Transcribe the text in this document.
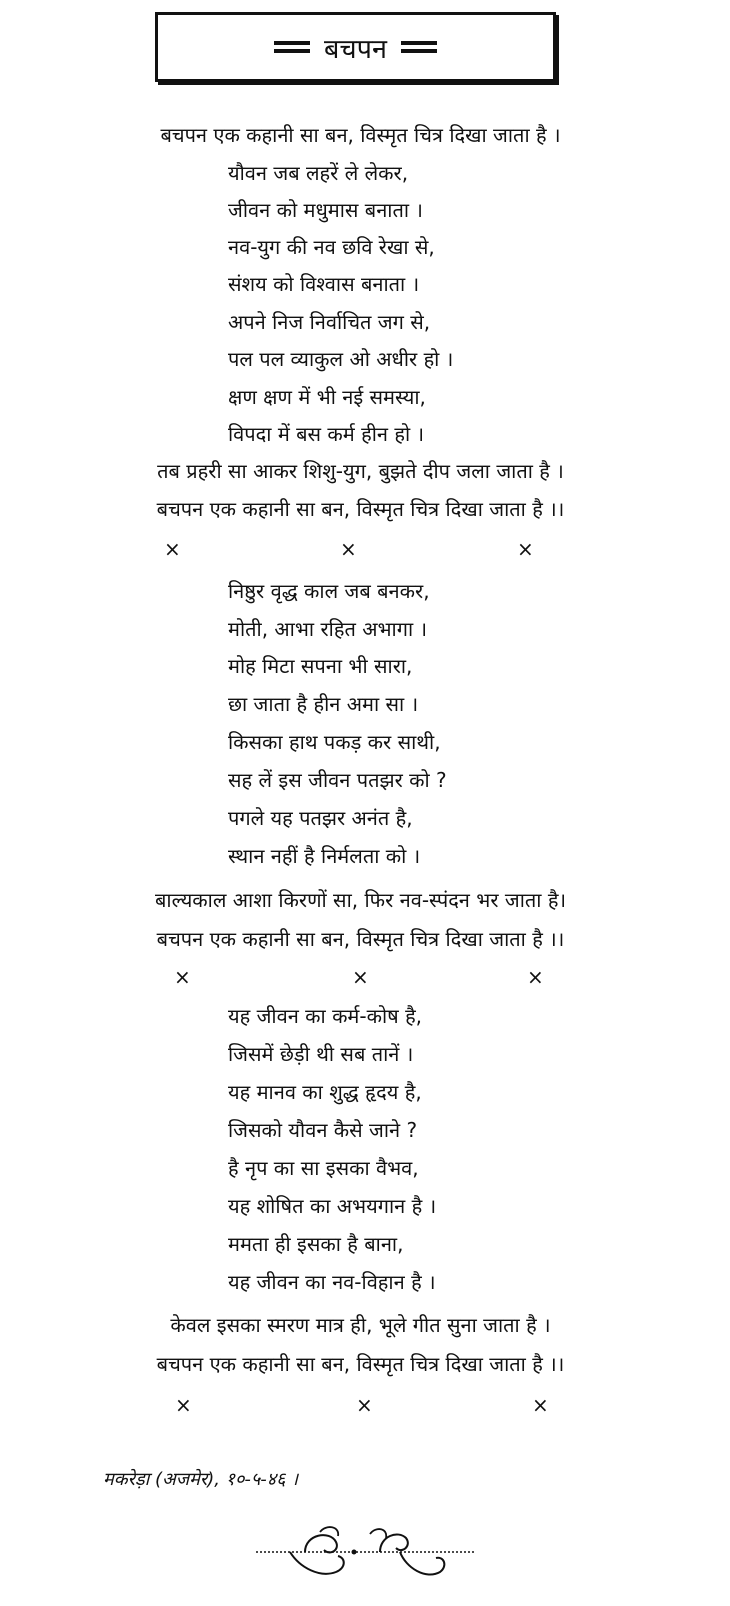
बचपन
बचपन एक कहानी सा बन, विस्मृत चित्र दिखा जाता है ।
यौवन जब लहरें ले लेकर,
जीवन को मधुमास बनाता ।
नव-युग की नव छवि रेखा से,
संशय को विश्वास बनाता ।
अपने निज निर्वाचित जग से,
पल पल व्याकुल ओ अधीर हो ।
क्षण क्षण में भी नई समस्या,
विपदा में बस कर्म हीन हो ।
तब प्रहरी सा आकर शिशु-युग, बुझते दीप जला जाता है ।
बचपन एक कहानी सा बन, विस्मृत चित्र दिखा जाता है ।।
×	×	×
निष्ठुर वृद्ध काल जब बनकर,
मोती, आभा रहित अभागा ।
मोह मिटा सपना भी सारा,
छा जाता है हीन अमा सा ।
किसका हाथ पकड़ कर साथी,
सह लें इस जीवन पतझर को ?
पगले यह पतझर अनंत है,
स्थान नहीं है निर्मलता को ।
बाल्यकाल आशा किरणों सा, फिर नव-स्पंदन भर जाता है।
बचपन एक कहानी सा बन, विस्मृत चित्र दिखा जाता है ।।
×	×	×
यह जीवन का कर्म-कोष है,
जिसमें छेड़ी थी सब तानें ।
यह मानव का शुद्ध हृदय है,
जिसको यौवन कैसे जाने ?
है नृप का सा इसका वैभव,
यह शोषित का अभयगान है ।
ममता ही इसका है बाना,
यह जीवन का नव-विहान है ।
केवल इसका स्मरण मात्र ही, भूले गीत सुना जाता है ।
बचपन एक कहानी सा बन, विस्मृत चित्र दिखा जाता है ।।
×	×	×
मकरेड़ा (अजमेर), १०-५-४६ ।
